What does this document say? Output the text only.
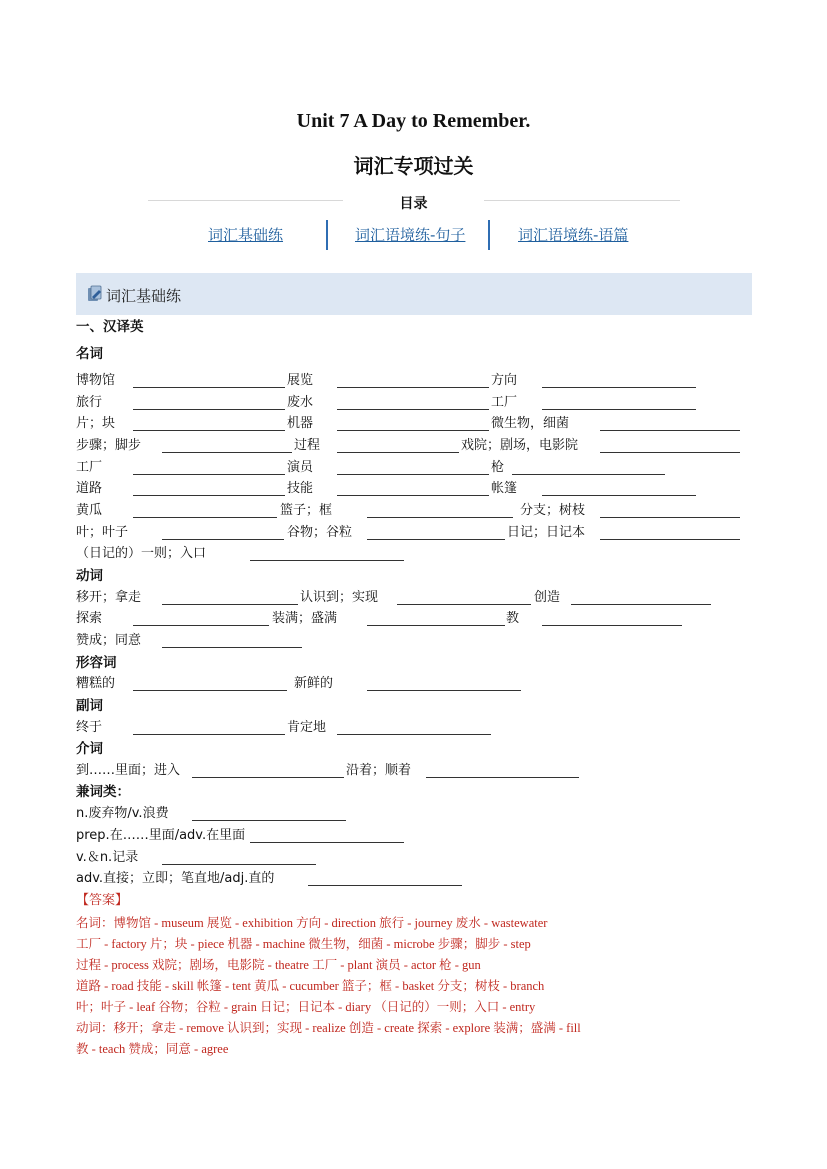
Unit 7 A Day to Remember.
词汇专项过关
目录
词汇基础练	词汇语境练-句子	词汇语境练-语篇
词汇基础练
一、汉译英
名词
博物馆	展览	方向
旅行	废水	工厂
片；块	机器	微生物，细菌
步骤；脚步	过程	戏院；剧场，电影院
工厂	演员	枪
道路	技能	帐篷
黄瓜	篮子；框	分支；树枝
叶；叶子	谷物；谷粒	日记；日记本
（日记的）一则；入口
动词
移开；拿走	认识到；实现	创造
探索	装满；盛满	教
赞成；同意
形容词
糟糕的	新鲜的
副词
终于	肯定地
介词
到……里面；进入	沿着；顺着
兼词类：
n.废弃物/v.浪费
prep.在……里面/adv.在里面
v.＆n.记录
adv.直接；立即；笔直地/adj.直的
【答案】
名词：博物馆 - museum 展览 - exhibition 方向 - direction 旅行 - journey 废水 - wastewater
工厂 - factory 片；块 - piece 机器 - machine 微生物，细菌 - microbe 步骤；脚步 - step
过程 - process 戏院；剧场，电影院 - theatre 工厂 - plant 演员 - actor 枪 - gun
道路 - road 技能 - skill 帐篷 - tent 黄瓜 - cucumber 篮子；框 - basket 分支；树枝 - branch
叶；叶子 - leaf 谷物；谷粒 - grain 日记；日记本 - diary （日记的）一则；入口 - entry
动词：移开；拿走 - remove 认识到；实现 - realize 创造 - create 探索 - explore 装满；盛满 - fill
教 - teach 赞成；同意 - agree
